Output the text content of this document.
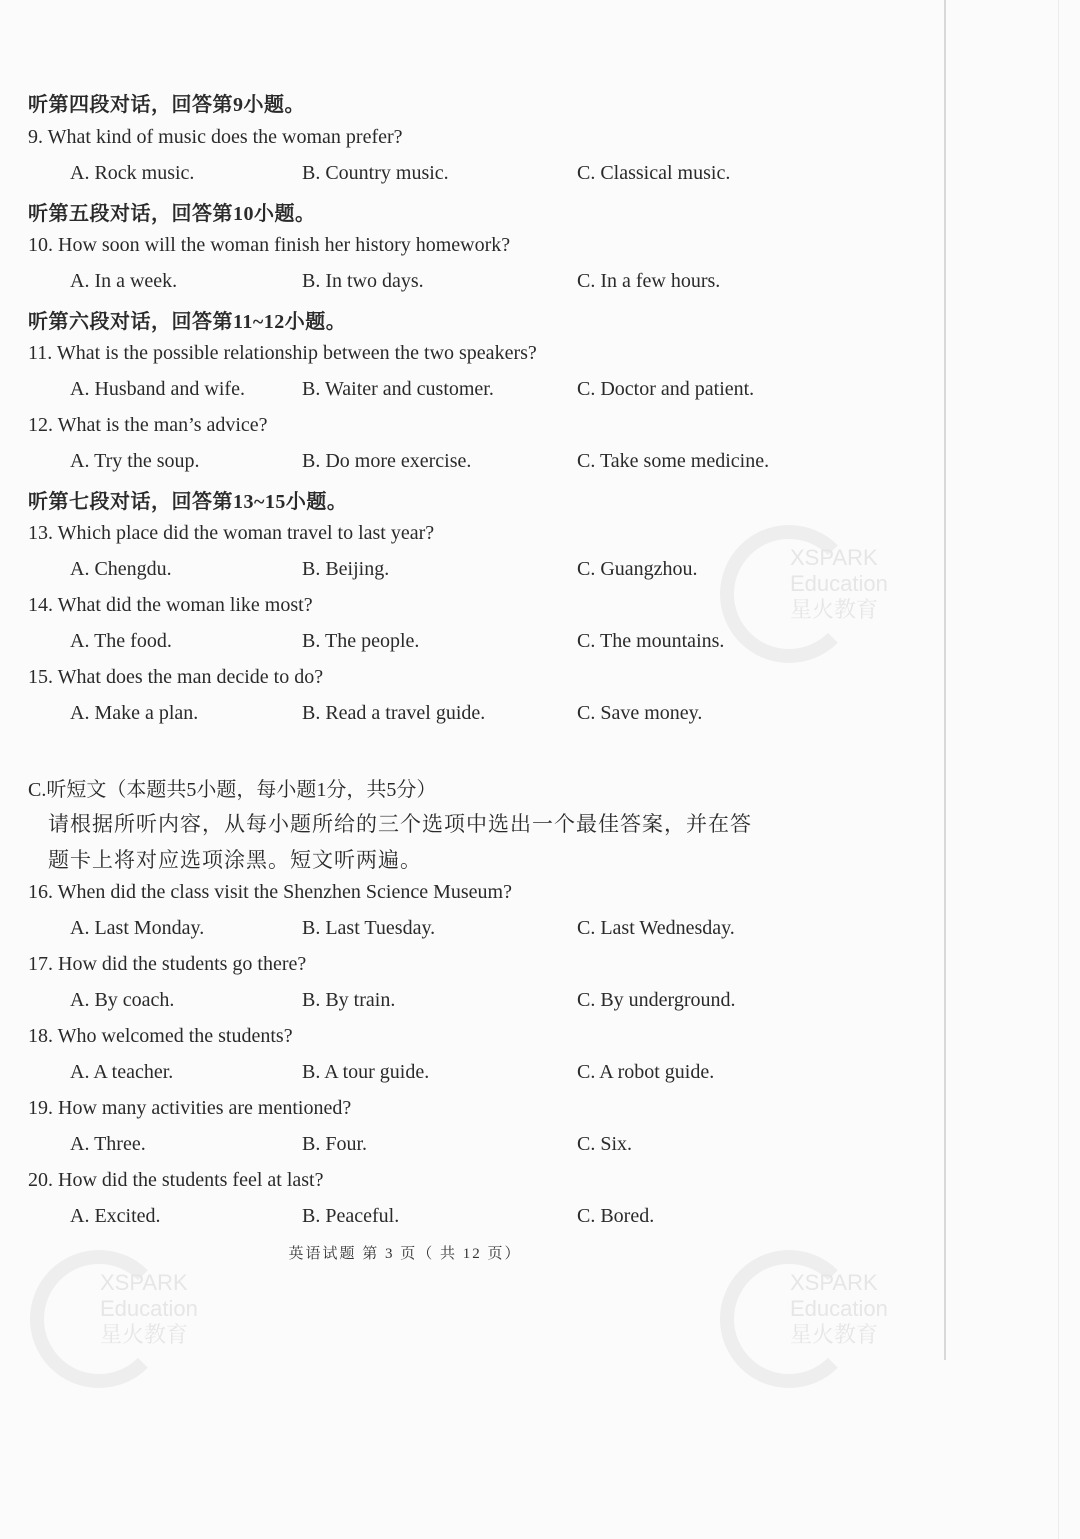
XSPARK
Education
星火教育
XSPARK
Education
星火教育
XSPARK
Education
星火教育
听第四段对话，回答第9小题。
9. What kind of music does the woman prefer?
A. Rock music.	B. Country music.	C. Classical music.
听第五段对话，回答第10小题。
10. How soon will the woman finish her history homework?
A. In a week.	B. In two days.	C. In a few hours.
听第六段对话，回答第11~12小题。
11. What is the possible relationship between the two speakers?
A. Husband and wife.	B. Waiter and customer.	C. Doctor and patient.
12. What is the man’s advice?
A. Try the soup.	B. Do more exercise.	C. Take some medicine.
听第七段对话，回答第13~15小题。
13. Which place did the woman travel to last year?
A. Chengdu.	B. Beijing.	C. Guangzhou.
14. What did the woman like most?
A. The food.	B. The people.	C. The mountains.
15. What does the man decide to do?
A. Make a plan.	B. Read a travel guide.	C. Save money.
C.听短文（本题共5小题，每小题1分，共5分）
请根据所听内容，从每小题所给的三个选项中选出一个最佳答案，并在答
题卡上将对应选项涂黑。短文听两遍。
16. When did the class visit the Shenzhen Science Museum?
A. Last Monday.	B. Last Tuesday.	C. Last Wednesday.
17. How did the students go there?
A. By coach.	B. By train.	C. By underground.
18. Who welcomed the students?
A. A teacher.	B. A tour guide.	C. A robot guide.
19. How many activities are mentioned?
A. Three.	B. Four.	C. Six.
20. How did the students feel at last?
A. Excited.	B. Peaceful.	C. Bored.
英语试题 第 3 页（ 共 12 页）
